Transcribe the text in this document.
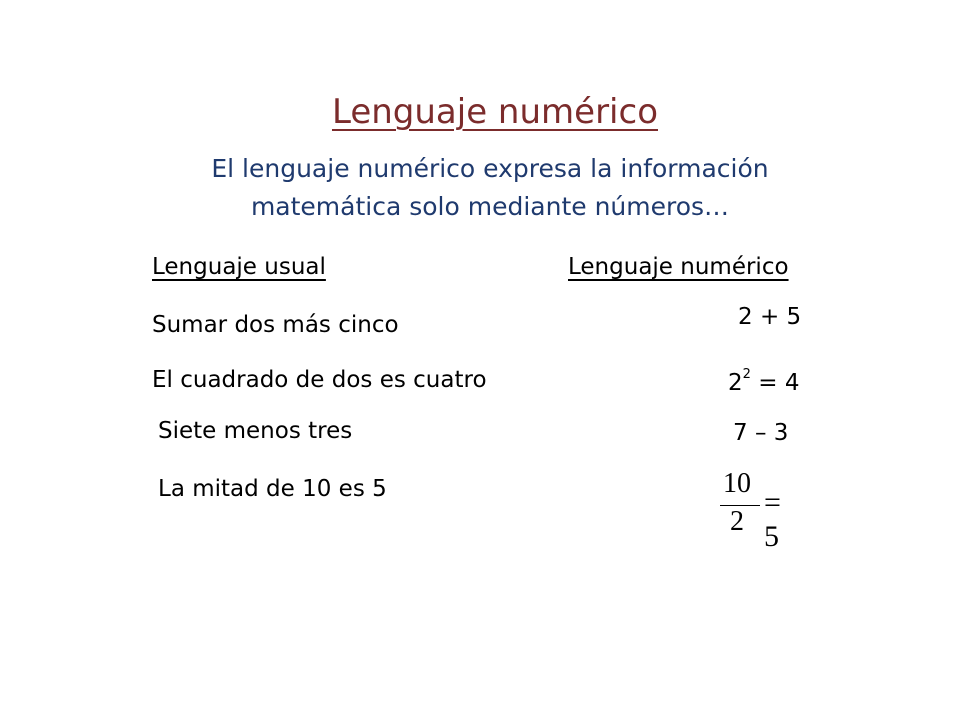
Lenguaje numérico
El lenguaje numérico expresa la información
matemática solo mediante números…
Lenguaje usual	Lenguaje numérico
Sumar dos más cinco	2 + 5
El cuadrado de dos es cuatro	$2^2 = 4$
Siete menos tres	7 – 3
La mitad de 10 es 5	10
2
= 5
